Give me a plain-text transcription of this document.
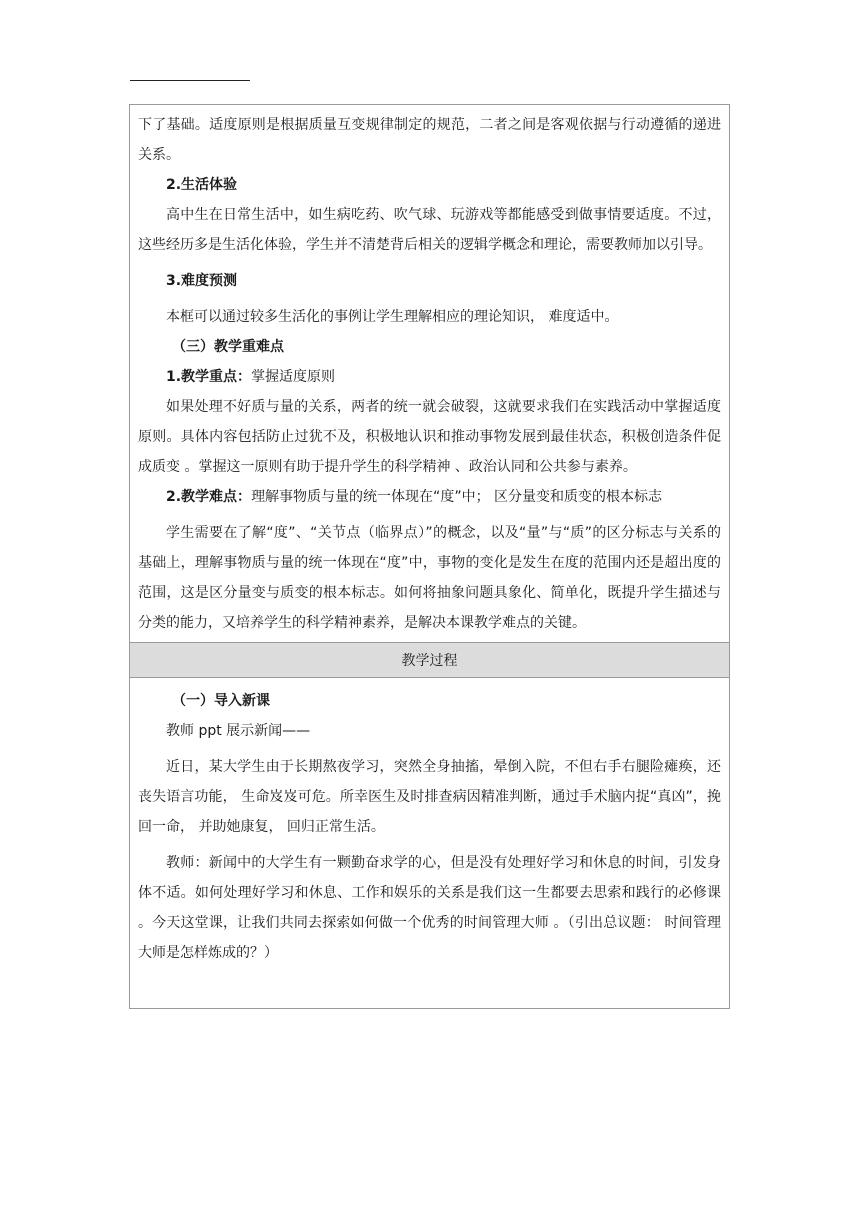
下了基础。适度原则是根据质量互变规律制定的规范，二者之间是客观依据与行动遵循的递进关系。

2.生活体验

高中生在日常生活中，如生病吃药、吹气球、玩游戏等都能感受到做事情要适度。不过，这些经历多是生活化体验，学生并不清楚背后相关的逻辑学概念和理论，需要教师加以引导。

3.难度预测

本框可以通过较多生活化的事例让学生理解相应的理论知识， 难度适中。

（三）教学重难点

1.教学重点：掌握适度原则

如果处理不好质与量的关系，两者的统一就会破裂，这就要求我们在实践活动中掌握适度原则。具体内容包括防止过犹不及，积极地认识和推动事物发展到最佳状态，积极创造条件促成质变 。掌握这一原则有助于提升学生的科学精神 、政治认同和公共参与素养。

2.教学难点：理解事物质与量的统一体现在“度”中； 区分量变和质变的根本标志

学生需要在了解“度”、“关节点（临界点）”的概念，以及“量”与“质”的区分标志与关系的基础上，理解事物质与量的统一体现在“度”中，事物的变化是发生在度的范围内还是超出度的范围，这是区分量变与质变的根本标志。如何将抽象问题具象化、简单化，既提升学生描述与分类的能力，又培养学生的科学精神素养，是解决本课教学难点的关键。

教学过程

（一）导入新课

教师 ppt 展示新闻——

近日，某大学生由于长期熬夜学习，突然全身抽搐，晕倒入院，不但右手右腿险瘫痪，还丧失语言功能， 生命岌岌可危。所幸医生及时排查病因精准判断，通过手术脑内捉“真凶”，挽回一命， 并助她康复， 回归正常生活。

教师：新闻中的大学生有一颗勤奋求学的心，但是没有处理好学习和休息的时间，引发身体不适。如何处理好学习和休息、工作和娱乐的关系是我们这一生都要去思索和践行的必修课 。今天这堂课，让我们共同去探索如何做一个优秀的时间管理大师 。（引出总议题： 时间管理大师是怎样炼成的？）
